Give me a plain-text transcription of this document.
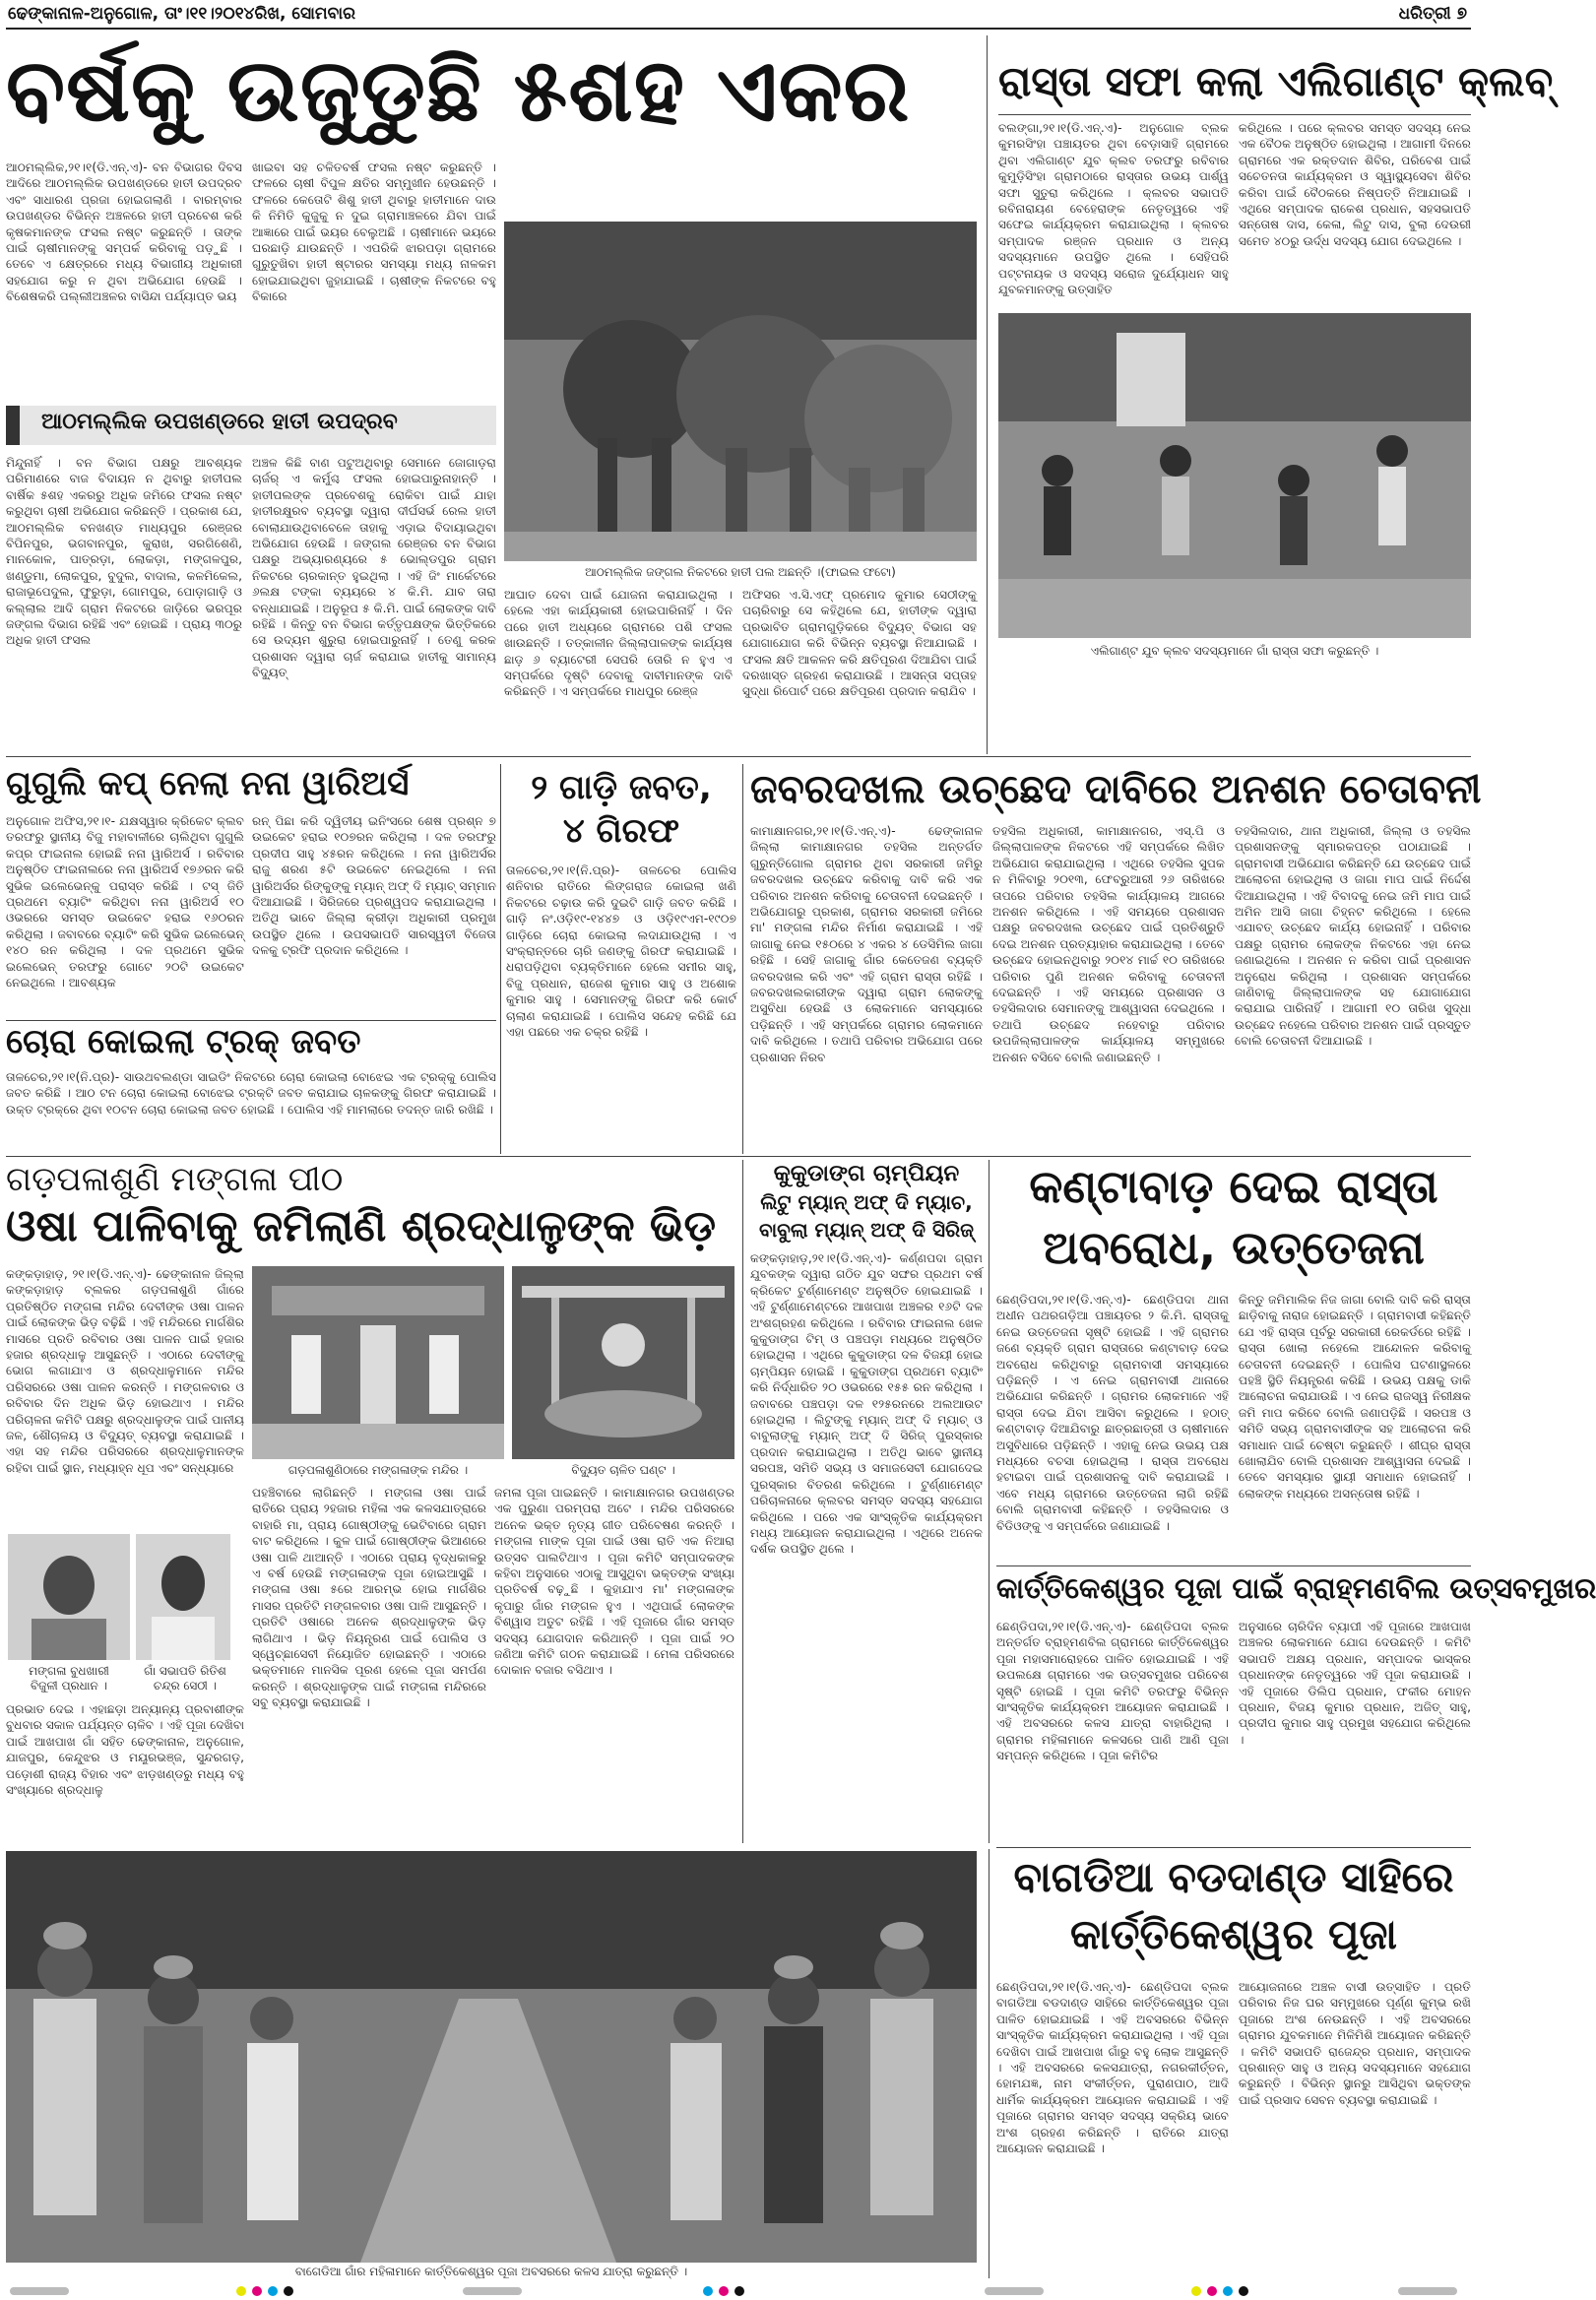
ଢେଙ୍କାନାଳ-ଅନୁଗୋଳ, ତାଂ।୧୧।୨୦୧୪ରିଖ, ସୋମବାର	ଧରିତ୍ରୀ ୭
ବର୍ଷକୁ ଉଜୁଡୁଛି ୫ଶହ ଏକର
ଆଠମଲ୍ଲିକ,୨୧।୧(ଡି.ଏନ୍.ଏ)- ବନ ବିଭାଗର ଦିବସ ଆଦିରେ ଆଠମଲ୍ଲିକ ଉପଖଣ୍ଡରେ ହାତୀ ଉପଦ୍ରବ ଏବଂ ସାଧାରଣ ପ୍ରଜା ହୋଇଗଲାଣି । ବାରମ୍ବାର ଉପଖଣ୍ଡର ବିଭିନ୍ନ ଅଞ୍ଚଳରେ ହାତୀ ପ୍ରବେଶ କରି କୃଷକମାନଙ୍କ ଫସଲ ନଷ୍ଟ କରୁଛନ୍ତି । ତାଙ୍କ ପାଇଁ ଚାଷୀମାନଙ୍କୁ ସମ୍ପର୍କ କରିବାକୁ ପଡ଼ୁଛି । ତେବେ ଏ କ୍ଷେତ୍ରରେ ମଧ୍ୟ ବିଭାଗୀୟ ଅଧିକାରୀ ସହଯୋଗ କରୁ ନ ଥିବା ଅଭିଯୋଗ ହେଉଛି । ବିଶେଷକରି ପଲ୍ଲୀଅଞ୍ଚଳର ବାସିନ୍ଦା ପର୍ଯ୍ୟାପ୍ତ ଭୟ
ଖାଇବା ସହ ଚଳିତବର୍ଷ ଫସଲ ନଷ୍ଟ କରୁଛନ୍ତି । ଫଳରେ ଚାଷୀ ବିପୁଳ କ୍ଷତିର ସମ୍ମୁଖୀନ ହେଉଛନ୍ତି । ଫଳରେ କେତୋଟି ଶିଶୁ ହାତୀ ଥିବାରୁ ହାତୀମାନେ ଦାଉ କି ନିମିତି କୁଜୁକୁ ନ ଦୁଇ ଗ୍ରାମାଞ୍ଚଳରେ ଯିବା ପାଇଁ ଆଜ୍ଞାରେ ପାଇଁ ଭୟର ବେଲୁଅଛି । ଚାଷୀମାନେ ଭୟରେ ଘରଛାଡ଼ି ଯାଉଛନ୍ତି । ଏପରିକି ଝାରପଡ଼ା ଗ୍ରାମରେ ଗୁରୁତୁଖିବା ହାତୀ ଷ୍ଟାରର ସମସ୍ୟା ମଧ୍ୟ ନାଳକମ ହୋଇଯାଇଥିବା ଜୁହାଯାଇଛି । ଚାଷୀଙ୍କ ନିକଟରେ ବହୁ ବିକାରେ
ଆଠମଲ୍ଲିକ ଉପଖଣ୍ଡରେ ହାତୀ ଉପଦ୍ରବ
ମିନ୍ଦୁନାହିଁ । ବନ ବିଭାଗ ପକ୍ଷରୁ ଆବଶ୍ୟକ ପରିମାଣରେ ବାଜ ବିଦାୟନ ନ ଥିବାରୁ ହାତୀପଲ ବାର୍ଷିକ ୫ଶହ ଏକରରୁ ଅଧିକ ଜମିରେ ଫସଲ ନଷ୍ଟ କରୁଥିବା ଚାଷୀ ଅଭିଯୋଗ କରିଛନ୍ତି । ପ୍ରକାଶ ଯେ, ଆଠମଲ୍ଲିକ ବନଖଣ୍ଡ ମାଧ୍ୟପୁର ରେଞ୍ଜର ବିପିନପୁର, ଭଗବାନପୁର, କୁରାଖ, ସରଗିଶେଣି, ମାନକୋଳ, ପାତ୍ରଡ଼ା, ଲୋକଡ଼ା, ମଙ୍ଗଳପୁର, ଖଣ୍ଡୁମା, ଲୋକପୁର, ବୁଦୁଲ, ବାଦାଲ, କଳମିକେଲ, ରାଜାଭୂପେଦୁଲ, ଫୁରୁଡ଼ା, ଗୋମପୁର, ପୋଡ଼ାଗାଡ଼ି ଓ କଲ୍ଲାଲ ଆଦି ଗ୍ରାମ ନିକଟରେ ଜାଡ଼ିରେ ଭରପୂର ଜଙ୍ଗଲ ଦିଭାଗ ରହିଛି ଏବଂ ହୋଇଛି । ପ୍ରାୟ ୩୦ରୁ ଅଧିକ ହାତୀ ଫସଲ
ଅଞ୍ଚଳ କିଛି ବାଣ ପଟୁଅଥିବାରୁ ସେମାନେ ଜୋଗାଡ଼ରା ଚାର୍ଜର୍ ଏ କର୍ମୁଶ୍ଚ ଫସଲ ହୋଇପାରୁନାହାନ୍ତି । ହାତୀପଲଙ୍କ ପ୍ରବେଶକୁ ରୋକିବା ପାଇଁ ଯାହା ହାତୀରକ୍ଷୁରବ ବ୍ୟବସ୍ଥା ଦ୍ୱାରା ଦୀର୍ଘସର୍ଭ ରେଲ ହାତୀ ବୋଲାଯାଉଥିବାବେଳେ ତାହାକୁ ଏଡ଼ାଇ ବିଦାୟାଇଥିବା ଅଭିଯୋଗ ହେଉଛି । ଜଙ୍ଗଲ ରେଞ୍ଜର ବନ ବିଭାଗ ପକ୍ଷରୁ ଅଭ୍ୟାରଣ୍ୟରେ ୫ ଭୋଲ୍ଡପୁର ଗ୍ରାମ ନିକଟରେ ଚାରକାନ୍ତ ହୁଇଥିଲା । ଏହି ଜିଂ ମାର୍କେଟରେ ୬ଲକ୍ଷ ଟଙ୍କା ବ୍ୟୟରେ ୪ କି.ମି. ଯାବ ତାରା ବନ୍ଧାଯାଇଛି । ଅନୁରୂପ ୫ କି.ମି. ପାଇଁ ଲୋକଙ୍କ ଦାବି ରହିଛି । କିନ୍ତୁ ବନ ବିଭାଗ କର୍ତ୍ତୃପକ୍ଷଙ୍କ ଭିତ୍ତିକରେ ସେ ଉଦ୍ୟମ ଶୁରୁରା ହୋଇପାରୁନାହିଁ । ତେଣୁ କରକ ପ୍ରଶାସନ ଦ୍ୱାରା ଚାର୍ଜ କରାଯାଇ ହାତୀକୁ ସାମାନ୍ୟ ବିଦ୍ୟୁତ୍
ଆଠମଲ୍ଲିକ ଜଙ୍ଗଲ ନିକଟରେ ହାତୀ ପଲ ଅଛନ୍ତି ।(ଫାଇଲ ଫଟୋ)
ଆଘାତ ଦେବା ପାଇଁ ଯୋଜନା କରାଯାଇଥିଲା । ହେଲେ ଏହା କାର୍ଯ୍ୟକାରୀ ହୋଇପାରିନାହିଁ । ଦିନ ପରେ ହାତୀ ଅଧ୍ୟରେ ଗ୍ରାମରେ ପଶି ଫସଲ ଖାଉଛନ୍ତି । ତତ୍କାଳୀନ ଜିଲ୍ଲାପାଳଙ୍କ କାର୍ଯ୍ୟଷ ଛାଡ଼ ୬ ବ୍ୟାଟେରୀ ସେପରି ତୋରି ନ ହୁଏ ଏ ସମ୍ପର୍କରେ ଦୃଷ୍ଟି ଦେବାକୁ ଦାବୀମାନଙ୍କ ଦାବି କରିଛନ୍ତି । ଏ ସମ୍ପର୍କରେ ମାଧପୁର ରେଞ୍ଜ
ଅଫିସର ଏ.ସି.ଏଫ୍ ପ୍ରମୋଦ କୁମାର ସେଠୀଙ୍କୁ ପଚାରିବାରୁ ସେ କହିଥିଲେ ଯେ, ହାତୀଙ୍କ ଦ୍ୱାରା ପ୍ରଭାବିତ ଗ୍ରାମଗୁଡ଼ିକରେ ବିଦ୍ୟୁତ୍ ବିଭାଗ ସହ ଯୋଗାଯୋଗ କରି ବିଭିନ୍ନ ବ୍ୟବସ୍ଥା ନିଆଯାଇଛି । ଫସଲ କ୍ଷତି ଆକଳନ କରି କ୍ଷତିପୂରଣ ଦିଆଯିବା ପାଇଁ ଦରଖାସ୍ତ ଗ୍ରହଣ କରାଯାଉଛି । ଆସନ୍ତା ସପ୍ତାହ ସୁଦ୍ଧା ରିପୋର୍ଟ ପରେ କ୍ଷତିପୂରଣ ପ୍ରଦାନ କରାଯିବ ।
ରାସ୍ତା ସଫା କଲା ଏଲିଗାଣ୍ଟ କ୍ଲବ୍
ବଲଙ୍ଗା,୨୧।୧(ଡି.ଏନ୍.ଏ)- ଅନୁଗୋଳ ବ୍ଲକ କୁମରସିଂହା ପଞ୍ଚାୟତର ଥିବା ବେଡ଼ାସାହି ଗ୍ରାମରେ ଥିବା ଏଲିଗାଣ୍ଟ ଯୁବ କ୍ଲବ ତରଫରୁ ରବିବାର କୁମୁଡ଼ିସିଂହା ଗ୍ରାମଠାରେ ରାସ୍ତାର ଉଭୟ ପାର୍ଶ୍ୱ ସଫା ସୁତୁରା କରିଥିଲେ । କ୍ଲବର ସଭାପତି ରବିନାରାୟଣ ବେହେରାଙ୍କ ନେତୃତ୍ୱରେ ଏହି ସଫେଇ କାର୍ଯ୍ୟକ୍ରମ କରାଯାଇଥିଲା । କ୍ଲବର ସମ୍ପାଦକ ରଞ୍ଜନ ପ୍ରଧାନ ଓ ଅନ୍ୟ ସଦସ୍ୟମାନେ ଉପସ୍ଥିତ ଥିଲେ । ସେହିପରି ପଟ୍ଟନାୟକ ଓ ସଦସ୍ୟ ସରୋଜ ଦୁର୍ଯ୍ୟୋଧନ ସାହୁ ଯୁବକମାନଙ୍କୁ ଉତ୍ସାହିତ
କରିଥିଲେ । ପରେ କ୍ଲବର ସମସ୍ତ ସଦସ୍ୟ ନେଇ ଏକ ବୈଠକ ଅନୁଷ୍ଠିତ ହୋଇଥିଲା । ଆଗାମୀ ଦିନରେ ଗ୍ରାମରେ ଏକ ରକ୍ତଦାନ ଶିବିର, ପରିବେଶ ପାଇଁ ସଚେତନତା କାର୍ଯ୍ୟକ୍ରମ ଓ ସ୍ୱାସ୍ଥ୍ୟସେବା ଶିବିର କରିବା ପାଇଁ ବୈଠକରେ ନିଷ୍ପତ୍ତି ନିଆଯାଇଛି । ଏଥିରେ ସମ୍ପାଦକ ରାକେଶ ପ୍ରଧାନ, ସହସଭାପତି ସନ୍ତୋଷ ଦାସ, କେଳା, ଲିଟୁ ଦାସ, ବୁଲା ଦେଉରୀ ସମେତ ୪୦ରୁ ଊର୍ଦ୍ଧ ସଦସ୍ୟ ଯୋଗ ଦେଇଥିଲେ ।
ଏଲିଗାଣ୍ଟ ଯୁବ କ୍ଲବ ସଦସ୍ୟମାନେ ଗାଁ ରାସ୍ତା ସଫା କରୁଛନ୍ତି ।
ଗୁଗୁଲି କପ୍ ନେଲା ନନା ୱାରିଅର୍ସ
ଅନୁଗୋଳ ଅଫିସ,୨୧।୧- ଯକ୍ଷସ୍ୱାର କ୍ରିକେଟ କ୍ଲବ ତରଫରୁ ସ୍ଥାନୀୟ ବିଜୁ ମହାବାଳୀରେ ଚାଲିଥିବା ଗୁଗୁଲି କପ୍ର ଫାଇନାଲ ହୋଇଛି ନନା ୱାରିଅର୍ସ । ରବିବାର ଅନୁଷ୍ଠିତ ଫାଇନାଲରେ ନନା ୱାରିଅର୍ସ ୧୭୬ରନ କରି ସୁଭିକ ଇଲେଭେନ୍କୁ ପରାସ୍ତ କରିଛି । ଟସ୍ ଜିତି ପ୍ରଥମେ ବ୍ୟାଟିଂ କରିଥିବା ନନା ୱାରିଅର୍ସ ୧୦ ଓଭରରେ ସମସ୍ତ ଉଇକେଟ ହରାଇ ୧୬୦ରନ କରିଥିଲା । ଜବାବରେ ବ୍ୟାଟିଂ କରି ସୁଭିକ ଇଲେଭେନ୍ ୧୪୦ ରନ କରିଥିଲା । ଦଳ ପ୍ରଥମେ ସୁଭିକ ଇଲେଭେନ୍ ତରଫରୁ ଗୋଟେ ୨୦ଟି ଉଇକେଟ ନେଇଥିଲେ । ଆବଶ୍ୟକ
ରନ୍ ପିଛା କରି ଦ୍ୱିତୀୟ ଇନିଂସରେ ଶେଷ ପ୍ରଶ୍ନ ୭ ଉଇକେଟ ହରାଇ ୧୦୭ରନ କରିଥିଲା । ଦଳ ତରଫରୁ ପ୍ରଦୀପ ସାହୁ ୪୫ରନ କରିଥିଲେ । ନନା ୱାରିଅର୍ସର ରାଜୁ ଶରଣ ୫ଟି ଉଇକେଟ ନେଇଥିଲେ । ନନା ୱାରିଅର୍ସର ରିଙ୍କୁଙ୍କୁ ମ୍ୟାନ୍ ଅଫ୍ ଦି ମ୍ୟାଚ୍ ସମ୍ମାନ ଦିଆଯାଇଛି । ସିରିଜରେ ପ୍ରଶ୍ୱପଦ କରାଯାଇଥିଲା । ଅତିଥି ଭାବେ ଜିଲ୍ଲା କ୍ରୀଡ଼ା ଅଧିକାରୀ ପ୍ରମୁଖ ଉପସ୍ଥିତ ଥିଲେ । ଉପସଭାପତି ସାରସ୍ୱତୀ ବିଜେତା ଦଳକୁ ଟ୍ରଫି ପ୍ରଦାନ କରିଥିଲେ ।
ଚୋରା କୋଇଲା ଟ୍ରକ୍ ଜବତ
ତାଳଚେର,୨୧।୧(ନି.ପ୍ର)- ସାଉଥବଲଣ୍ଡା ସାଇଡିଂ ନିକଟରେ ଚୋରା କୋଇଲା ବୋଝେଇ ଏକ ଟ୍ରକ୍କୁ ପୋଲିସ ଜବତ କରିଛି । ଆଠ ଟନ ଚୋରା କୋଇଲା ବୋଝେଇ ଟ୍ରକ୍ଟି ଜବତ କରାଯାଇ ଚାଳକଙ୍କୁ ଗିରଫ କରାଯାଇଛି । ଉକ୍ତ ଟ୍ରକ୍ରେ ଥିବା ୧୦ଟନ ଚୋରା କୋଇଲା ଜବତ ହୋଇଛି । ପୋଲିସ ଏହି ମାମଲାରେ ତଦନ୍ତ ଜାରି ରଖିଛି ।
୨ ଗାଡ଼ି ଜବତ,
୪ ଗିରଫ
ତାଳଚେର,୨୧।୧(ନି.ପ୍ର)- ତାଳଚେର ପୋଲିସ ଶନିବାର ରାତିରେ ଲିଙ୍ଗରାଜ କୋଇଲା ଖଣି ନିକଟରେ ଚଢ଼ାଉ କରି ଦୁଇଟି ଗାଡ଼ି ଜବତ କରିଛି । ଗାଡ଼ି ନଂ.ଓଡ଼ି୧୯-୧୪୪୭ ଓ ଓଡ଼ି୧୯ଏମ-୧୯୦୭ ଗାଡ଼ିରେ ଚୋରା କୋଇଲା ଲଦାଯାଉଥିଲା । ଏ ସଂକ୍ରାନ୍ତରେ ଚାରି ଜଣଙ୍କୁ ଗିରଫ କରାଯାଇଛି । ଧରାପଡ଼ିଥିବା ବ୍ୟକ୍ତିମାନେ ହେଲେ ସମୀର ସାହୁ, ବିଜୁ ପ୍ରଧାନ, ରାଜେଶ କୁମାର ସାହୁ ଓ ଅଶୋକ କୁମାର ସାହୁ । ସେମାନଙ୍କୁ ଗିରଫ କରି କୋର୍ଟ ଚାଲାଣ କରାଯାଇଛି । ପୋଲିସ ସନ୍ଦେହ କରିଛି ଯେ ଏହା ପଛରେ ଏକ ଚକ୍ର ରହିଛି ।
ଜବରଦଖଲ ଉଚ୍ଛେଦ ଦାବିରେ ଅନଶନ ଚେତାବନୀ
କାମାକ୍ଷାନଗର,୨୧।୧(ଡି.ଏନ୍.ଏ)- ଢେଙ୍କାନାଳ ଜିଲ୍ଲା କାମାକ୍ଷାନଗର ତହସିଲ ଅନ୍ତର୍ଗତ ଗୁରୁନ୍ତିଗୋଲ ଗ୍ରାମର ଥିବା ସରକାରୀ ଜମିରୁ ଜବରଦଖଲ ଉଚ୍ଛେଦ କରିବାକୁ ଦାବି କରି ଏକ ପରିବାର ଅନଶନ କରିବାକୁ ଚେତାବନୀ ଦେଇଛନ୍ତି । ଅଭିଯୋଗରୁ ପ୍ରକାଶ, ଗ୍ରାମର ସରକାରୀ ଜମିରେ ମା' ମଙ୍ଗଳା ମନ୍ଦିର ନିର୍ମାଣ କରାଯାଇଛି । ଏହି ଜାଗାକୁ ନେଇ ୧୫୦ରେ ୪ ଏକର ୪ ଡେସିମିଲ ଜାଗା ରହିଛି । ସେହି ଜାଗାକୁ ଗାଁର କେତେଜଣ ବ୍ୟକ୍ତି ଜବରଦଖଲ କରି ଏବଂ ଏହି ଗ୍ରାମ ରାସ୍ତା ରହିଛି । ଜବରଦଖଲକାରୀଙ୍କ ଦ୍ୱାରା ଗ୍ରାମ ଲୋକଙ୍କୁ ଅସୁବିଧା ହେଉଛି ଓ ଲୋକମାନେ ସମସ୍ୟାରେ ପଡ଼ିଛନ୍ତି । ଏହି ସମ୍ପର୍କରେ ଗ୍ରାମର ଲୋକମାନେ ଦାବି କରିଥିଲେ । ତଥାପି ପରିବାର ଅଭିଯୋଗ ପରେ ପ୍ରଶାସନ ନିରବ
ତହସିଲ ଅଧିକାରୀ, କାମାକ୍ଷାନଗର, ଏସ୍.ପି ଓ ଜିଲ୍ଲାପାଳଙ୍କ ନିକଟରେ ଏହି ସମ୍ପର୍କରେ ଲିଖିତ ଅଭିଯୋଗ କରାଯାଇଥିଲା । ଏଥିରେ ତହସିଲ ସୁପକ ନ ମିଳିବାରୁ ୨୦୧୩, ଫେବ୍ରୁଆରୀ ୨୬ ତାରିଖରେ ତାପରେ ପରିବାର ତହସିଲ କାର୍ଯ୍ୟାଳୟ ଆଗରେ ଅନଶନ କରିଥିଲେ । ଏହି ସମୟରେ ପ୍ରଶାସନ ପକ୍ଷରୁ ଜବରଦଖଲ ଉଚ୍ଛେଦ ପାଇଁ ପ୍ରତିଶ୍ରୁତି ଦେଇ ଅନଶନ ପ୍ରତ୍ୟାହାର କରାଯାଇଥିଲା । ତେବେ ଉଚ୍ଛେଦ ହୋଇନଥିବାରୁ ୨୦୧୪ ମାର୍ଚ୍ଚ ୧୦ ତାରିଖରେ ପରିବାର ପୁଣି ଅନଶନ କରିବାକୁ ଚେତାବନୀ ଦେଇଛନ୍ତି । ଏହି ସମୟରେ ପ୍ରଶାସନ ଓ ତହସିଲଦାର ସେମାନଙ୍କୁ ଆଶ୍ୱାସନା ଦେଇଥିଲେ । ତଥାପି ଉଚ୍ଛେଦ ନହେବାରୁ ପରିବାର ଉପଜିଲ୍ଲାପାଳଙ୍କ କାର୍ଯ୍ୟାଳୟ ସମ୍ମୁଖରେ ଅନଶନ ବସିବେ ବୋଲି ଜଣାଇଛନ୍ତି ।
ତହସିଲଦାର, ଥାନା ଅଧିକାରୀ, ଜିଲ୍ଲା ଓ ତହସିଲ ପ୍ରଶାସନଙ୍କୁ ସ୍ମାରକପତ୍ର ପଠାଯାଇଛି । ଗ୍ରାମବାସୀ ଅଭିଯୋଗ କରିଛନ୍ତି ଯେ ଉଚ୍ଛେଦ ପାଇଁ ଆଲୋଚନା ହୋଇଥିଲା ଓ ଜାଗା ମାପ ପାଇଁ ନିର୍ଦ୍ଦେଶ ଦିଆଯାଇଥିଲା । ଏହି ବିବାଦକୁ ନେଇ ଜମି ମାପ ପାଇଁ ଅମିନ ଆସି ଜାଗା ଚିହ୍ନଟ କରିଥିଲେ । ହେଲେ ଏଯାବତ୍ ଉଚ୍ଛେଦ କାର୍ଯ୍ୟ ହୋଇନାହିଁ । ପରିବାର ପକ୍ଷରୁ ଗ୍ରାମର ଲୋକଙ୍କ ନିକଟରେ ଏହା ନେଇ ଜଣାଇଥିଲେ । ଅନଶନ ନ କରିବା ପାଇଁ ପ୍ରଶାସନ ଅନୁରୋଧ କରିଥିଲା । ପ୍ରଶାସନ ସମ୍ପର୍କରେ ଜାଣିବାକୁ ଜିଲ୍ଲାପାଳଙ୍କ ସହ ଯୋଗାଯୋଗ କରାଯାଇ ପାରିନାହିଁ । ଆଗାମୀ ୧୦ ତାରିଖ ସୁଦ୍ଧା ଉଚ୍ଛେଦ ନହେଲେ ପରିବାର ଅନଶନ ପାଇଁ ପ୍ରସ୍ତୁତ ବୋଲି ଚେତାବନୀ ଦିଆଯାଇଛି ।
ଗଡ଼ପଳାଶୁଣି ମଙ୍ଗଳା ପୀଠ
ଓଷା ପାଳିବାକୁ ଜମିଲାଣି ଶ୍ରଦ୍ଧାଳୁଙ୍କ ଭିଡ଼
କଙ୍କଡ଼ାହାଡ଼, ୨୧।୧(ଡି.ଏନ୍.ଏ)- ଢେଙ୍କାନାଳ ଜିଲ୍ଲା କଙ୍କଡ଼ାହାଡ଼ ବ୍ଲକର ଗଡ଼ପଳାଶୁଣି ଗାଁରେ ପ୍ରତିଷ୍ଠିତ ମଙ୍ଗଳା ମନ୍ଦିର ଦେବୀଙ୍କ ଓଷା ପାଳନ ପାଇଁ ଲୋକଙ୍କ ଭିଡ଼ ବଢ଼ିଛି । ଏହି ମନ୍ଦିରରେ ମାର୍ଗଶିର ମାସରେ ପ୍ରତି ରବିବାର ଓଷା ପାଳନ ପାଇଁ ହଜାର ହଜାର ଶ୍ରଦ୍ଧାଳୁ ଆସୁଛନ୍ତି । ଏଠାରେ ଦେବୀଙ୍କୁ ଭୋଗ ଲଗାଯାଏ ଓ ଶ୍ରଦ୍ଧାଳୁମାନେ ମନ୍ଦିର ପରିସରରେ ଓଷା ପାଳନ କରନ୍ତି । ମଙ୍ଗଳବାର ଓ ରବିବାର ଦିନ ଅଧିକ ଭିଡ଼ ହୋଇଥାଏ । ମନ୍ଦିର ପରିଚାଳନା କମିଟି ପକ୍ଷରୁ ଶ୍ରଦ୍ଧାଳୁଙ୍କ ପାଇଁ ପାନୀୟ ଜଳ, ଶୌଚାଳୟ ଓ ବିଦ୍ୟୁତ୍ ବ୍ୟବସ୍ଥା କରାଯାଇଛି । ଏହା ସହ ମନ୍ଦିର ପରିସରରେ ଶ୍ରଦ୍ଧାଳୁମାନଙ୍କ ରହିବା ପାଇଁ ସ୍ଥାନ, ମଧ୍ୟାହ୍ନ ଧୂପ ଏବଂ ସନ୍ଧ୍ୟାରେ	ଗଡ଼ପଳାଶୁଣିଠାରେ ମଙ୍ଗଳାଙ୍କ ମନ୍ଦିର ।	ବିଦ୍ୟୁତ ଚାଳିତ ଘଣ୍ଟ ।
ମଙ୍ଗଳା ବୁଧଖାରୀ
ବିଜୁଳୀ ପ୍ରଧାନ ।
ଗାଁ ସଭାପତି ରିତିଶ
ଚନ୍ଦ୍ର ସେଠୀ ।
ପ୍ରଭାତ ଦେଇ । ଏହାଛଡ଼ା ଅନ୍ୟାନ୍ୟ ପ୍ରବାଶୀଙ୍କ ବୁଧବାର ସକାଳ ପର୍ଯ୍ୟନ୍ତ ଚାଳିବ । ଏହି ପୂଜା ଦେଖିବା ପାଇଁ ଆଖପାଖ ଗାଁ ସହିତ ଢେଙ୍କାନାଳ, ଅନୁଗୋଳ, ଯାଜପୁର, କେନ୍ଦୁଝର ଓ ମୟୂରଭଞ୍ଜ, ସୁନ୍ଦରଗଡ଼, ପଡ଼ୋଶୀ ରାଜ୍ୟ ବିହାର ଏବଂ ଝାଡ଼ଖଣ୍ଡରୁ ମଧ୍ୟ ବହୁ ସଂଖ୍ୟାରେ ଶ୍ରଦ୍ଧାଳୁ
ପହଞ୍ଚିବାରେ ଲାଗିଛନ୍ତି । ମଙ୍ଗଳା ଓଷା ପାଇଁ ରାତିରେ ପ୍ରାୟ ୨ହଜାର ମହିଳା ଏକ କଳସଯାତ୍ରାରେ ବାହାରି ମା, ପ୍ରାୟ ଗୋଷ୍ଠୀଙ୍କୁ ଭେଟିବାରେ ଗ୍ରାମ ବାଟ କରିଥିଲେ । କୁଳ ପାଇଁ ଗୋଷ୍ଠୀଙ୍କ ଭିଆଣରେ ଓଷା ପାଳି ଥାଆନ୍ତି । ଏଠାରେ ପ୍ରାୟ ବୃଦ୍ଧକାଳରୁ ଏ ବର୍ଷ ହେଉଛି ମଙ୍ଗଳାଙ୍କ ପୂଜା ହୋଇଆସୁଛି । ମଙ୍ଗଳା ଓଷା ୫ରେ ଆରମ୍ଭ ହୋଇ ମାର୍ଗଶିର ମାସର ପ୍ରତିଟି ମଙ୍ଗଳବାର ଓଷା ପାଳି ଆସୁଛନ୍ତି । ପ୍ରତିଟି ଓଷାରେ ଅନେକ ଶ୍ରଦ୍ଧାଳୁଙ୍କ ଭିଡ଼ ଲାଗିଥାଏ । ଭିଡ଼ ନିୟନ୍ତ୍ରଣ ପାଇଁ ପୋଲିସ ଓ ସ୍ୱେଚ୍ଛାସେବୀ ନିୟୋଜିତ ହୋଇଛନ୍ତି । ଏଠାରେ ଭକ୍ତମାନେ ମାନସିକ ପୂରଣ ହେଲେ ପୂଜା ସମର୍ପଣ କରନ୍ତି । ଶ୍ରଦ୍ଧାଳୁଙ୍କ ପାଇଁ ମଙ୍ଗଳା ମନ୍ଦିରରେ ସବୁ ବ୍ୟବସ୍ଥା କରାଯାଇଛି ।
ଜମଳା ପୂଜା ପାଇଛନ୍ତି । କାମାକ୍ଷାନଗର ଉପଖଣ୍ଡର ଏକ ପୁରୁଣା ପରମ୍ପରା ଅଟେ । ମନ୍ଦିର ପରିସରରେ ଅନେକ ଭକ୍ତ ନୃତ୍ୟ ଗୀତ ପରିବେଷଣ କରନ୍ତି । ମଙ୍ଗଳା ମାଙ୍କ ପୂଜା ପାଇଁ ଓଷା ରାତି ଏକ ନିଆରା ଉତ୍ସବ ପାଲଟିଥାଏ । ପୂଜା କମିଟି ସମ୍ପାଦକଙ୍କ କହିବା ଅନୁସାରେ ଏଠାକୁ ଆସୁଥିବା ଭକ୍ତଙ୍କ ସଂଖ୍ୟା ପ୍ରତିବର୍ଷ ବଢ଼ୁଛି । କୁହାଯାଏ ମା' ମଙ୍ଗଳାଙ୍କ କୃପାରୁ ଗାଁର ମଙ୍ଗଳ ହୁଏ । ଏଥିପାଇଁ ଲୋକଙ୍କ ବିଶ୍ୱାସ ଅତୁଟ ରହିଛି । ଏହି ପୂଜାରେ ଗାଁର ସମସ୍ତ ସଦସ୍ୟ ଯୋଗଦାନ କରିଥାନ୍ତି । ପୂଜା ପାଇଁ ୨୦ ଜଣିଆ କମିଟି ଗଠନ କରାଯାଇଛି । ମେଳା ପରିସରରେ ଦୋକାନ ବଜାର ବସିଥାଏ ।
କୁକୁଡାଙ୍ଗ ଚାମ୍ପିୟନ
ଲିଟୁ ମ୍ୟାନ୍ ଅଫ୍ ଦି ମ୍ୟାଚ,
ବାବୁଲା ମ୍ୟାନ୍ ଅଫ୍ ଦି ସିରିଜ୍
କଙ୍କଡ଼ାହାଡ଼,୨୧।୧(ଡି.ଏନ୍.ଏ)- କର୍ଣ୍ଣପଦା ଗ୍ରାମ ଯୁବକଙ୍କ ଦ୍ୱାରା ଗଠିତ ଯୁବ ସଙ୍ଘର ପ୍ରଥମ ବର୍ଷ କ୍ରିକେଟ ଟୁର୍ଣ୍ଣାମେଣ୍ଟ ଅନୁଷ୍ଠିତ ହୋଇଯାଇଛି । ଏହି ଟୁର୍ଣ୍ଣାମେଣ୍ଟରେ ଆଖପାଖ ଅଞ୍ଚଳର ୧୬ଟି ଦଳ ଅଂଶଗ୍ରହଣ କରିଥିଲେ । ରବିବାର ଫାଇନାଲ ଖେଳ କୁକୁଡାଙ୍ଗ ଟିମ୍ ଓ ପଞ୍ଚପଡ଼ା ମଧ୍ୟରେ ଅନୁଷ୍ଠିତ ହୋଇଥିଲା । ଏଥିରେ କୁକୁଡାଙ୍ଗ ଦଳ ବିଜୟୀ ହୋଇ ଚାମ୍ପିୟନ ହୋଇଛି । କୁକୁଡାଙ୍ଗ ପ୍ରଥମେ ବ୍ୟାଟିଂ କରି ନିର୍ଦ୍ଧାରିତ ୨୦ ଓଭରରେ ୧୫୫ ରନ କରିଥିଲା । ଜବାବରେ ପଞ୍ଚପଡ଼ା ଦଳ ୧୨୫ରନରେ ଅଲଆଉଟ ହୋଇଥିଲା । ଲିଟୁଙ୍କୁ ମ୍ୟାନ୍ ଅଫ୍ ଦି ମ୍ୟାଚ୍ ଓ ବାବୁଲାଙ୍କୁ ମ୍ୟାନ୍ ଅଫ୍ ଦି ସିରିଜ୍ ପୁରସ୍କାର ପ୍ରଦାନ କରାଯାଇଥିଲା । ଅତିଥି ଭାବେ ସ୍ଥାନୀୟ ସରପଞ୍ଚ, ସମିତି ସଭ୍ୟ ଓ ସମାଜସେବୀ ଯୋଗଦେଇ ପୁରସ୍କାର ବିତରଣ କରିଥିଲେ । ଟୁର୍ଣ୍ଣାମେଣ୍ଟ ପରିଚାଳନାରେ କ୍ଲବର ସମସ୍ତ ସଦସ୍ୟ ସହଯୋଗ କରିଥିଲେ । ପରେ ଏକ ସାଂସ୍କୃତିକ କାର୍ଯ୍ୟକ୍ରମ ମଧ୍ୟ ଆୟୋଜନ କରାଯାଇଥିଲା । ଏଥିରେ ଅନେକ ଦର୍ଶକ ଉପସ୍ଥିତ ଥିଲେ ।
କଣ୍ଟାବାଡ଼ ଦେଇ ରାସ୍ତା
ଅବରୋଧ, ଉତ୍ତେଜନା
ଛେଣ୍ଡିପଦା,୨୧।୧(ଡି.ଏନ୍.ଏ)- ଛେଣ୍ଡିପଦା ଥାନା ଅଧୀନ ପଥରଗଡ଼ିଆ ପଞ୍ଚାୟତର ୨ କି.ମି. ରାସ୍ତାକୁ ନେଇ ଉତ୍ତେଜନା ସୃଷ୍ଟି ହୋଇଛି । ଏହି ଗ୍ରାମର ଜଣେ ବ୍ୟକ୍ତି ଗ୍ରାମ ରାସ୍ତାରେ କଣ୍ଟାବାଡ଼ ଦେଇ ଅବରୋଧ କରିଥିବାରୁ ଗ୍ରାମବାସୀ ସମସ୍ୟାରେ ପଡ଼ିଛନ୍ତି । ଏ ନେଇ ଗ୍ରାମବାସୀ ଥାନାରେ ଅଭିଯୋଗ କରିଛନ୍ତି । ଗ୍ରାମର ଲୋକମାନେ ଏହି ରାସ୍ତା ଦେଇ ଯିବା ଆସିବା କରୁଥିଲେ । ହଠାତ୍ କଣ୍ଟାବାଡ଼ ଦିଆଯିବାରୁ ଛାତ୍ରଛାତ୍ରୀ ଓ ଚାଷୀମାନେ ଅସୁବିଧାରେ ପଡ଼ିଛନ୍ତି । ଏହାକୁ ନେଇ ଉଭୟ ପକ୍ଷ ମଧ୍ୟରେ ବଚସା ହୋଇଥିଲା । ରାସ୍ତା ଅବରୋଧ ହଟାଇବା ପାଇଁ ପ୍ରଶାସନକୁ ଦାବି କରାଯାଇଛି । ଏବେ ମଧ୍ୟ ଗ୍ରାମରେ ଉତ୍ତେଜନା ଲାଗି ରହିଛି ବୋଲି ଗ୍ରାମବାସୀ କହିଛନ୍ତି । ତହସିଲଦାର ଓ ବିଡିଓଙ୍କୁ ଏ ସମ୍ପର୍କରେ ଜଣାଯାଇଛି ।
କିନ୍ତୁ ଜମିମାଲିକ ନିଜ ଜାଗା ବୋଲି ଦାବି କରି ରାସ୍ତା ଛାଡ଼ିବାକୁ ନାରାଜ ହୋଇଛନ୍ତି । ଗ୍ରାମବାସୀ କହିଛନ୍ତି ଯେ ଏହି ରାସ୍ତା ପୂର୍ବରୁ ସରକାରୀ ରେକର୍ଡରେ ରହିଛି । ରାସ୍ତା ଖୋଲା ନହେଲେ ଆନ୍ଦୋଳନ କରିବାକୁ ଚେତାବନୀ ଦେଇଛନ୍ତି । ପୋଲିସ ଘଟଣାସ୍ଥଳରେ ପହଞ୍ଚି ସ୍ଥିତି ନିୟନ୍ତ୍ରଣ କରିଛି । ଉଭୟ ପକ୍ଷକୁ ଡାକି ଆଲୋଚନା କରାଯାଉଛି । ଏ ନେଇ ରାଜସ୍ୱ ନିରୀକ୍ଷକ ଜମି ମାପ କରିବେ ବୋଲି ଜଣାପଡ଼ିଛି । ସରପଞ୍ଚ ଓ ସମିତି ସଭ୍ୟ ଗ୍ରାମବାସୀଙ୍କ ସହ ଆଲୋଚନା କରି ସମାଧାନ ପାଇଁ ଚେଷ୍ଟା କରୁଛନ୍ତି । ଶୀଘ୍ର ରାସ୍ତା ଖୋଲାଯିବ ବୋଲି ପ୍ରଶାସନ ଆଶ୍ୱାସନା ଦେଇଛି । ତେବେ ସମସ୍ୟାର ସ୍ଥାୟୀ ସମାଧାନ ହୋଇନାହିଁ । ଲୋକଙ୍କ ମଧ୍ୟରେ ଅସନ୍ତୋଷ ରହିଛି ।
କାର୍ତ୍ତିକେଶ୍ୱର ପୂଜା ପାଇଁ ବ୍ରାହ୍ମଣବିଲ ଉତ୍ସବମୁଖର
ଛେଣ୍ଡିପଦା,୨୧।୧(ଡି.ଏନ୍.ଏ)- ଛେଣ୍ଡିପଦା ବ୍ଲକ ଅନ୍ତର୍ଗତ ବ୍ରାହ୍ମଣବିଲ ଗ୍ରାମରେ କାର୍ତ୍ତିକେଶ୍ୱର ପୂଜା ମହାସମାରୋହରେ ପାଳିତ ହୋଇଯାଇଛି । ଏହି ଉପଲକ୍ଷେ ଗ୍ରାମରେ ଏକ ଉତ୍ସବମୁଖର ପରିବେଶ ସୃଷ୍ଟି ହୋଇଛି । ପୂଜା କମିଟି ତରଫରୁ ବିଭିନ୍ନ ସାଂସ୍କୃତିକ କାର୍ଯ୍ୟକ୍ରମ ଆୟୋଜନ କରାଯାଇଛି । ଏହି ଅବସରରେ କଳସ ଯାତ୍ରା ବାହାରିଥିଲା । ଗ୍ରାମର ମହିଳାମାନେ କଳସରେ ପାଣି ଆଣି ପୂଜା ସମ୍ପନ୍ନ କରିଥିଲେ । ପୂଜା କମିଟିର
ଅନୁସାରେ ଚାରିଦିନ ବ୍ୟାପୀ ଏହି ପୂଜାରେ ଆଖପାଖ ଅଞ୍ଚଳର ଲୋକମାନେ ଯୋଗ ଦେଉଛନ୍ତି । କମିଟି ସଭାପତି ଅକ୍ଷୟ ପ୍ରଧାନ, ସମ୍ପାଦକ ଭାସ୍କର ପ୍ରଧାନଙ୍କ ନେତୃତ୍ୱରେ ଏହି ପୂଜା କରାଯାଉଛି । ଏହି ପୂଜାରେ ଡିଲିପ ପ୍ରଧାନ, ଫକୀର ମୋହନ ପ୍ରଧାନ, ବିଜୟ କୁମାର ପ୍ରଧାନ, ଅଜିତ୍ ସାହୁ, ପ୍ରଦୀପ କୁମାର ସାହୁ ପ୍ରମୁଖ ସହଯୋଗ କରିଥିଲେ ।
ବାଗେଡିଆ ଗାଁର ମହିଳାମାନେ କାର୍ତ୍ତିକେଶ୍ୱର ପୂଜା ଅବସରରେ କଳସ ଯାତ୍ରା କରୁଛନ୍ତି ।
ବାଗଡିଆ ବଡଦାଣ୍ଡ ସାହିରେ
କାର୍ତ୍ତିକେଶ୍ୱର ପୂଜା
ଛେଣ୍ଡିପଦା,୨୧।୧(ଡି.ଏନ୍.ଏ)- ଛେଣ୍ଡିପଦା ବ୍ଲକ ବାଗଡିଆ ବଡଦାଣ୍ଡ ସାହିରେ କାର୍ତ୍ତିକେଶ୍ୱର ପୂଜା ପାଳିତ ହୋଇଯାଇଛି । ଏହି ଅବସରରେ ବିଭିନ୍ନ ସାଂସ୍କୃତିକ କାର୍ଯ୍ୟକ୍ରମ କରାଯାଇଥିଲା । ଏହି ପୂଜା ଦେଖିବା ପାଇଁ ଆଖପାଖ ଗାଁରୁ ବହୁ ଲୋକ ଆସୁଛନ୍ତି । ଏହି ଅବସରରେ କଳସଯାତ୍ରା, ନଗରକୀର୍ତ୍ତନ, ହୋମଯଜ୍ଞ, ନାମ ସଂକୀର୍ତ୍ତନ, ପୁରାଣପାଠ, ଆଦି ଧାର୍ମିକ କାର୍ଯ୍ୟକ୍ରମ ଆୟୋଜନ କରାଯାଇଛି । ଏହି ପୂଜାରେ ଗ୍ରାମର ସମସ୍ତ ସଦସ୍ୟ ସକ୍ରିୟ ଭାବେ ଅଂଶ ଗ୍ରହଣ କରିଛନ୍ତି । ରାତିରେ ଯାତ୍ରା ଆୟୋଜନ କରାଯାଇଛି ।
ଆୟୋଜନାରେ ଅଞ୍ଚଳ ବାସୀ ଉତ୍ସାହିତ । ପ୍ରତି ପରିବାର ନିଜ ଘର ସମ୍ମୁଖରେ ପୂର୍ଣ୍ଣ କୁମ୍ଭ ରଖି ପୂଜାରେ ଅଂଶ ନେଉଛନ୍ତି । ଏହି ଅବସରରେ ଗ୍ରାମର ଯୁବକମାନେ ମିଳିମିଶି ଆୟୋଜନ କରିଛନ୍ତି । କମିଟି ସଭାପତି ରାଜେନ୍ଦ୍ର ପ୍ରଧାନ, ସମ୍ପାଦକ ପ୍ରଶାନ୍ତ ସାହୁ ଓ ଅନ୍ୟ ସଦସ୍ୟମାନେ ସହଯୋଗ କରୁଛନ୍ତି । ବିଭିନ୍ନ ସ୍ଥାନରୁ ଆସିଥିବା ଭକ୍ତଙ୍କ ପାଇଁ ପ୍ରସାଦ ସେବନ ବ୍ୟବସ୍ଥା କରାଯାଇଛି ।
